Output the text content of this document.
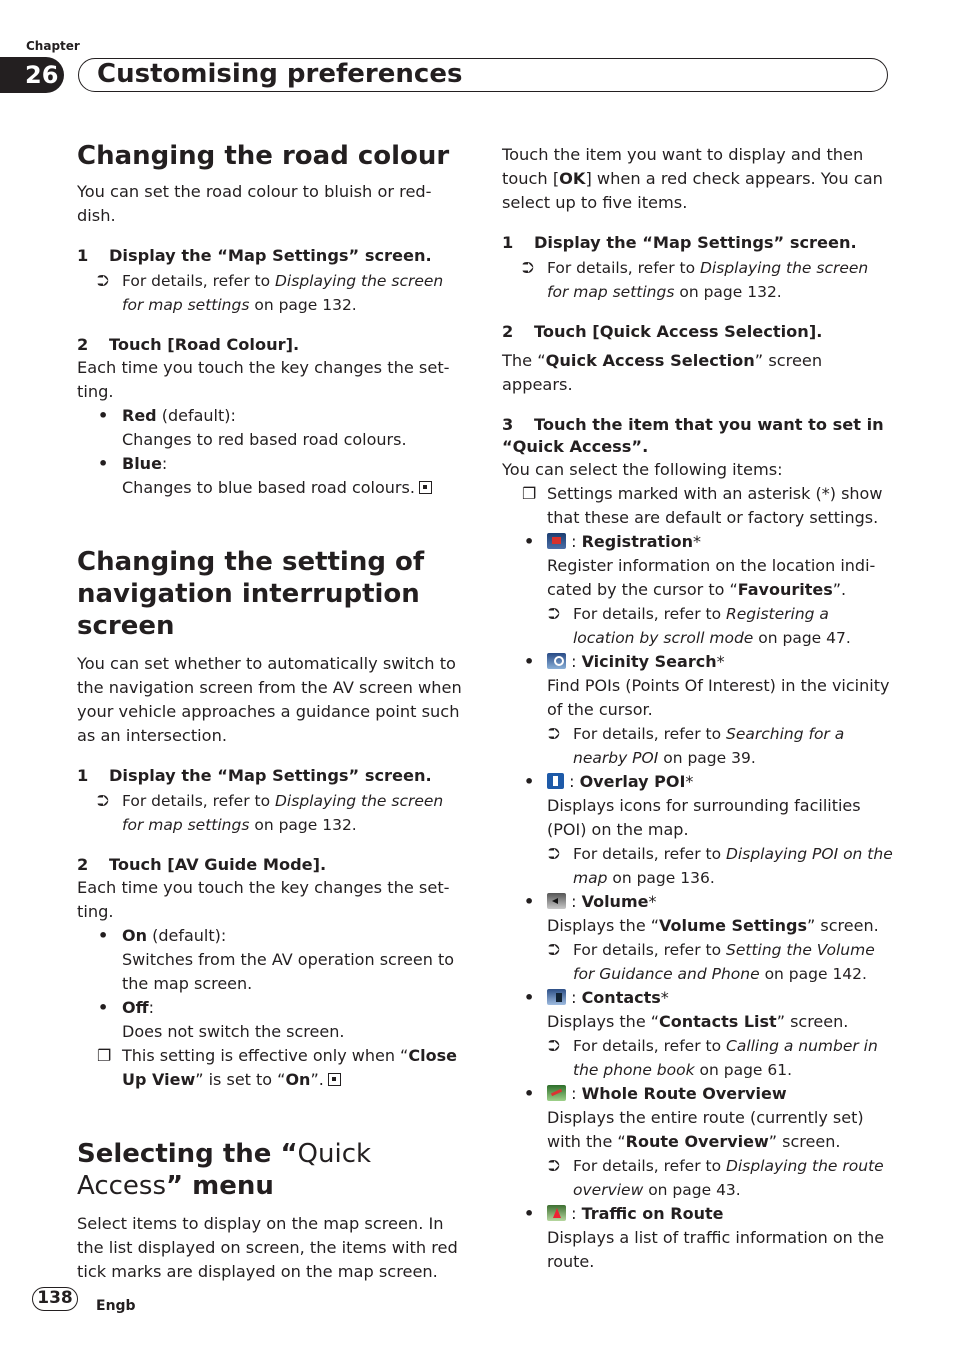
Chapter
26	Customising preferences
Changing the road colour

You can set the road colour to bluish or red-dish.

1 Display the “Map Settings” screen.

⮊ For details, refer to Displaying the screen for map settings on page 132.

2 Touch [Road Colour].

Each time you touch the key changes the set-ting.

• Red (default):
Changes to red based road colours.
• Blue:
Changes to blue based road colours.
Changing the setting of navigation interruption screen

You can set whether to automatically switch to the navigation screen from the AV screen when your vehicle approaches a guidance point such as an intersection.

1 Display the “Map Settings” screen.

⮊ For details, refer to Displaying the screen for map settings on page 132.

2 Touch [AV Guide Mode].

Each time you touch the key changes the set-ting.

• On (default):
Switches from the AV operation screen to the map screen.
• Off:
Does not switch the screen.
❐ This setting is effective only when “Close Up View” is set to “On”.
Selecting the “Quick Access” menu

Select items to display on the map screen. In the list displayed on screen, the items with red tick marks are displayed on the map screen.

Touch the item you want to display and then touch [OK] when a red check appears. You can select up to five items.

1 Display the “Map Settings” screen.

⮊ For details, refer to Displaying the screen for map settings on page 132.

2 Touch [Quick Access Selection].

The “Quick Access Selection” screen appears.

3 Touch the item that you want to set in “Quick Access”.

You can select the following items:

❐ Settings marked with an asterisk (*) show that these are default or factory settings.
• : Registration*
Register information on the location indi-cated by the cursor to “Favourites”.
⮊ For details, refer to Registering a location by scroll mode on page 47.
• : Vicinity Search*
Find POIs (Points Of Interest) in the vicinity of the cursor.
⮊ For details, refer to Searching for a nearby POI on page 39.
• : Overlay POI*
Displays icons for surrounding facilities (POI) on the map.
⮊ For details, refer to Displaying POI on the map on page 136.
• : Volume*
Displays the “Volume Settings” screen.
⮊ For details, refer to Setting the Volume for Guidance and Phone on page 142.
• : Contacts*
Displays the “Contacts List” screen.
⮊ For details, refer to Calling a number in the phone book on page 61.
• : Whole Route Overview
Displays the entire route (currently set) with the “Route Overview” screen.
⮊ For details, refer to Displaying the route overview on page 43.
• : Traffic on Route
Displays a list of traffic information on the route.
138	Engb
